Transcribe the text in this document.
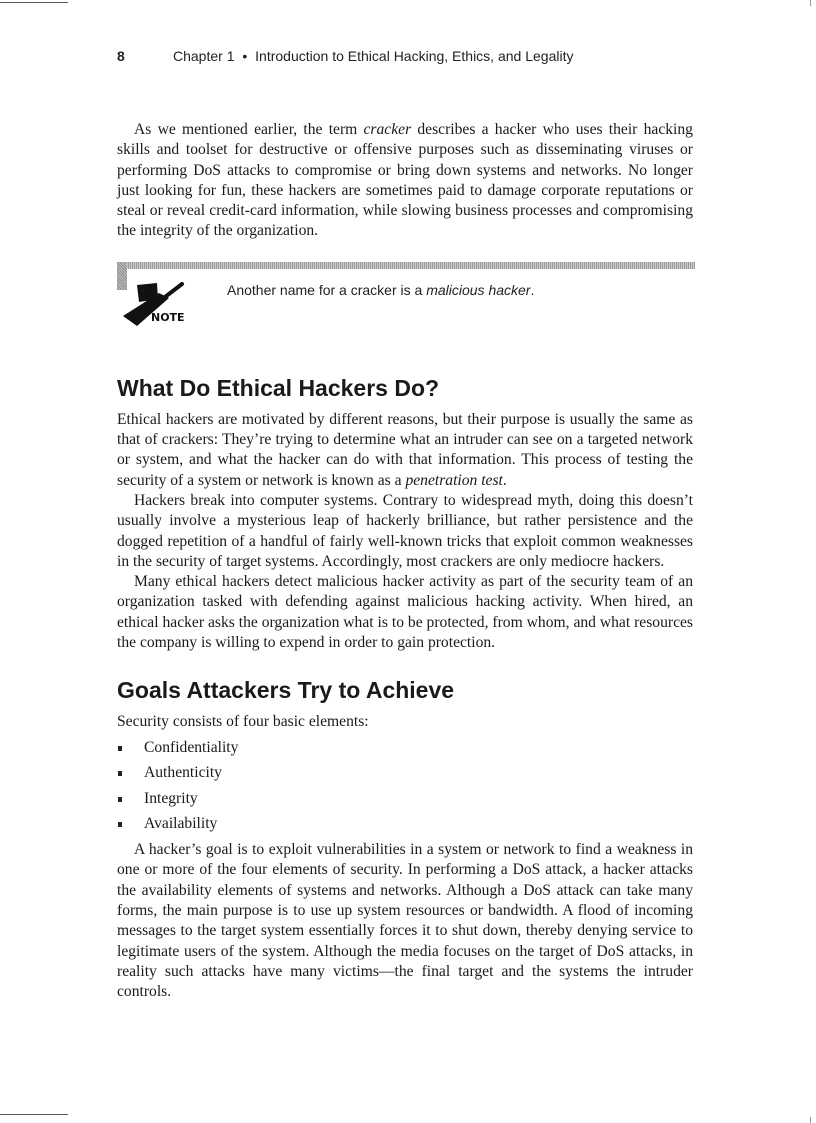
8	Chapter 1 • Introduction to Ethical Hacking, Ethics, and Legality

As we mentioned earlier, the term cracker describes a hacker who uses their hacking skills and toolset for destructive or offensive purposes such as disseminating viruses or performing DoS attacks to compromise or bring down systems and networks. No longer just looking for fun, these hackers are sometimes paid to damage corporate reputations or steal or reveal credit-card information, while slowing business processes and compromising the integrity of the organization.

NOTE
Another name for a cracker is a malicious hacker.
What Do Ethical Hackers Do?

Ethical hackers are motivated by different reasons, but their purpose is usually the same as that of crackers: They’re trying to determine what an intruder can see on a targeted network or system, and what the hacker can do with that information. This process of testing the security of a system or network is known as a penetration test.

Hackers break into computer systems. Contrary to widespread myth, doing this doesn’t usually involve a mysterious leap of hackerly brilliance, but rather persistence and the dogged repetition of a handful of fairly well-known tricks that exploit common weaknesses in the security of target systems. Accordingly, most crackers are only mediocre hackers.

Many ethical hackers detect malicious hacker activity as part of the security team of an organization tasked with defending against malicious hacking activity. When hired, an ethical hacker asks the organization what is to be protected, from whom, and what resources the company is willing to expend in order to gain protection.

Goals Attackers Try to Achieve

Security consists of four basic elements:

Confidentiality
Authenticity
Integrity
Availability

A hacker’s goal is to exploit vulnerabilities in a system or network to find a weakness in one or more of the four elements of security. In performing a DoS attack, a hacker attacks the availability elements of systems and networks. Although a DoS attack can take many forms, the main purpose is to use up system resources or bandwidth. A flood of incoming messages to the target system essentially forces it to shut down, thereby denying service to legitimate users of the system. Although the media focuses on the target of DoS attacks, in reality such attacks have many victims—the final target and the systems the intruder controls.
